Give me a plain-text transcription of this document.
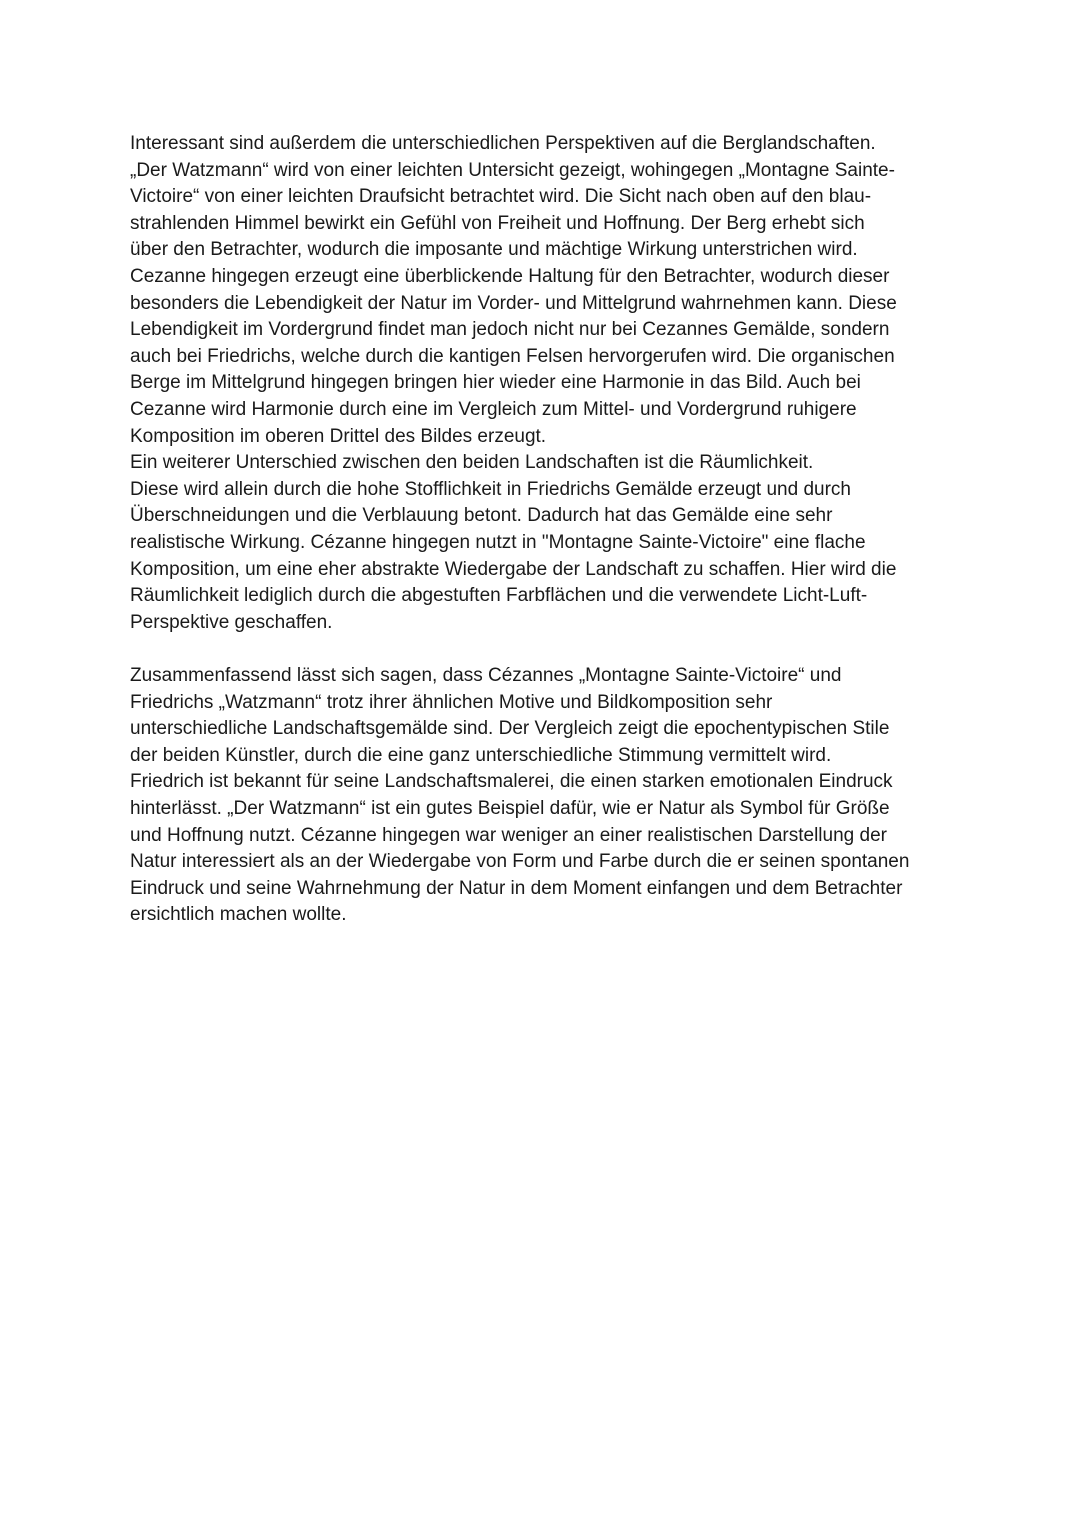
Interessant sind außerdem die unterschiedlichen Perspektiven auf die Berglandschaften.
„Der Watzmann“ wird von einer leichten Untersicht gezeigt, wohingegen „Montagne Sainte-
Victoire“ von einer leichten Draufsicht betrachtet wird. Die Sicht nach oben auf den blau-
strahlenden Himmel bewirkt ein Gefühl von Freiheit und Hoffnung. Der Berg erhebt sich
über den Betrachter, wodurch die imposante und mächtige Wirkung unterstrichen wird.
Cezanne hingegen erzeugt eine überblickende Haltung für den Betrachter, wodurch dieser
besonders die Lebendigkeit der Natur im Vorder- und Mittelgrund wahrnehmen kann. Diese
Lebendigkeit im Vordergrund findet man jedoch nicht nur bei Cezannes Gemälde, sondern
auch bei Friedrichs, welche durch die kantigen Felsen hervorgerufen wird. Die organischen
Berge im Mittelgrund hingegen bringen hier wieder eine Harmonie in das Bild. Auch bei
Cezanne wird Harmonie durch eine im Vergleich zum Mittel- und Vordergrund ruhigere
Komposition im oberen Drittel des Bildes erzeugt.
Ein weiterer Unterschied zwischen den beiden Landschaften ist die Räumlichkeit.
Diese wird allein durch die hohe Stofflichkeit in Friedrichs Gemälde erzeugt und durch
Überschneidungen und die Verblauung betont. Dadurch hat das Gemälde eine sehr
realistische Wirkung. Cézanne hingegen nutzt in "Montagne Sainte-Victoire" eine flache
Komposition, um eine eher abstrakte Wiedergabe der Landschaft zu schaffen. Hier wird die
Räumlichkeit lediglich durch die abgestuften Farbflächen und die verwendete Licht-Luft-
Perspektive geschaffen.
Zusammenfassend lässt sich sagen, dass Cézannes „Montagne Sainte-Victoire“ und
Friedrichs „Watzmann“ trotz ihrer ähnlichen Motive und Bildkomposition sehr
unterschiedliche Landschaftsgemälde sind. Der Vergleich zeigt die epochentypischen Stile
der beiden Künstler, durch die eine ganz unterschiedliche Stimmung vermittelt wird.
Friedrich ist bekannt für seine Landschaftsmalerei, die einen starken emotionalen Eindruck
hinterlässt. „Der Watzmann“ ist ein gutes Beispiel dafür, wie er Natur als Symbol für Größe
und Hoffnung nutzt. Cézanne hingegen war weniger an einer realistischen Darstellung der
Natur interessiert als an der Wiedergabe von Form und Farbe durch die er seinen spontanen
Eindruck und seine Wahrnehmung der Natur in dem Moment einfangen und dem Betrachter
ersichtlich machen wollte.
